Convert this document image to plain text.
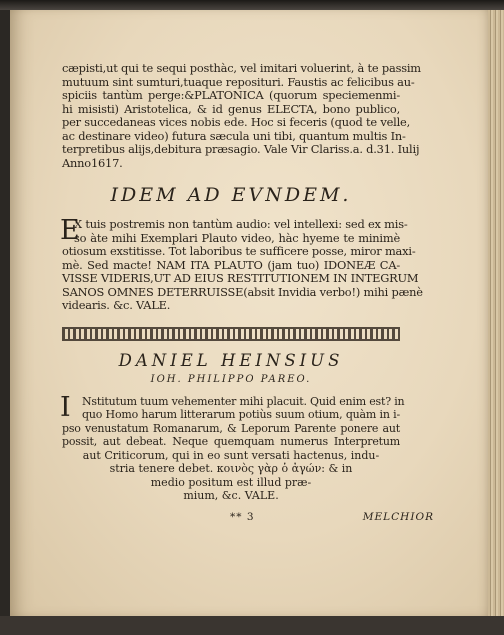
cæpisti,ut qui te sequi posthàc, vel imitari voluerint, à te passim
mutuum sint sumturi,tuaque reposituri. Faustis ac felicibus au-
spiciis tantùm perge:&PLATONICA (quorum speciemenmi-
hi misisti) Aristotelica, & id genus ELECTA, bono publico,
per succedaneas vices nobis ede. Hoc si feceris (quod te velle,
ac destinare video) futura sæcula uni tibi, quantum multis In-
terpretibus alijs,debitura præsagio. Vale Vir Clariss.a. d.31. Iulij
Anno1617.
IDEM AD EVNDEM.
E
X tuis postremis non tantùm audio: vel intellexi: sed ex mis-
so àte mihi Exemplari Plauto video, hàc hyeme te minimè
otiosum exstitisse. Tot laboribus te sufficere posse, miror maxi-
mè. Sed macte! NAM ITA PLAUTO (jam tuo) IDONEÆ CA-
VISSE VIDERIS,UT AD EIUS RESTITUTIONEM IN INTEGRUM
SANOS OMNES DETERRUISSE(absit Invidia verbo!) mihi pænè
videaris. &c. VALE.
DANIEL HEINSIUS
IOH. PHILIPPO PAREO.
I	Nstitutum tuum vehementer mihi placuit. Quid enim est? in
quo Homo harum litterarum potiùs suum otium, quàm in i-
pso venustatum Romanarum, & Leporum Parente ponere aut
possit, aut debeat. Neque quemquam numerus Interpretum
aut Criticorum, qui in eo sunt versati hactenus, indu-
stria tenere debet. κοινὸς γὰρ ὁ ἀγών: & in
medio positum est illud præ-
mium, &c. VALE.
** 3	MELCHIOR
